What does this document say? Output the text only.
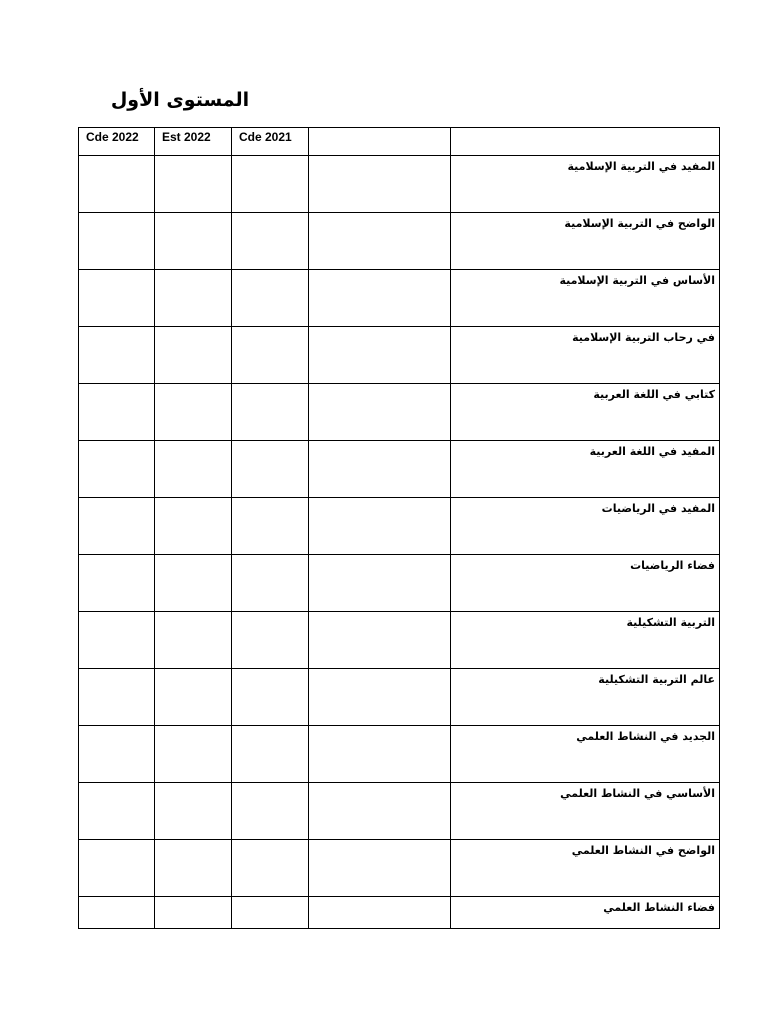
المستوى الأول
Cde 2022	Est 2022	Cde 2021		

				المفيد في التربية الإسلامية

				الواضح في التربية الإسلامية

				الأساس في التربية الإسلامية

				في رحاب التربية الإسلامية

				كتابي في اللغة العربية

				المفيد في اللغة العربية

				المفيد في الرياضيات

				فضاء الرياضيات

				التربية التشكيلية

				عالم التربية التشكيلية

				الجديد في النشاط العلمي

				الأساسي في النشاط العلمي

				الواضح في النشاط العلمي

				فضاء النشاط العلمي
